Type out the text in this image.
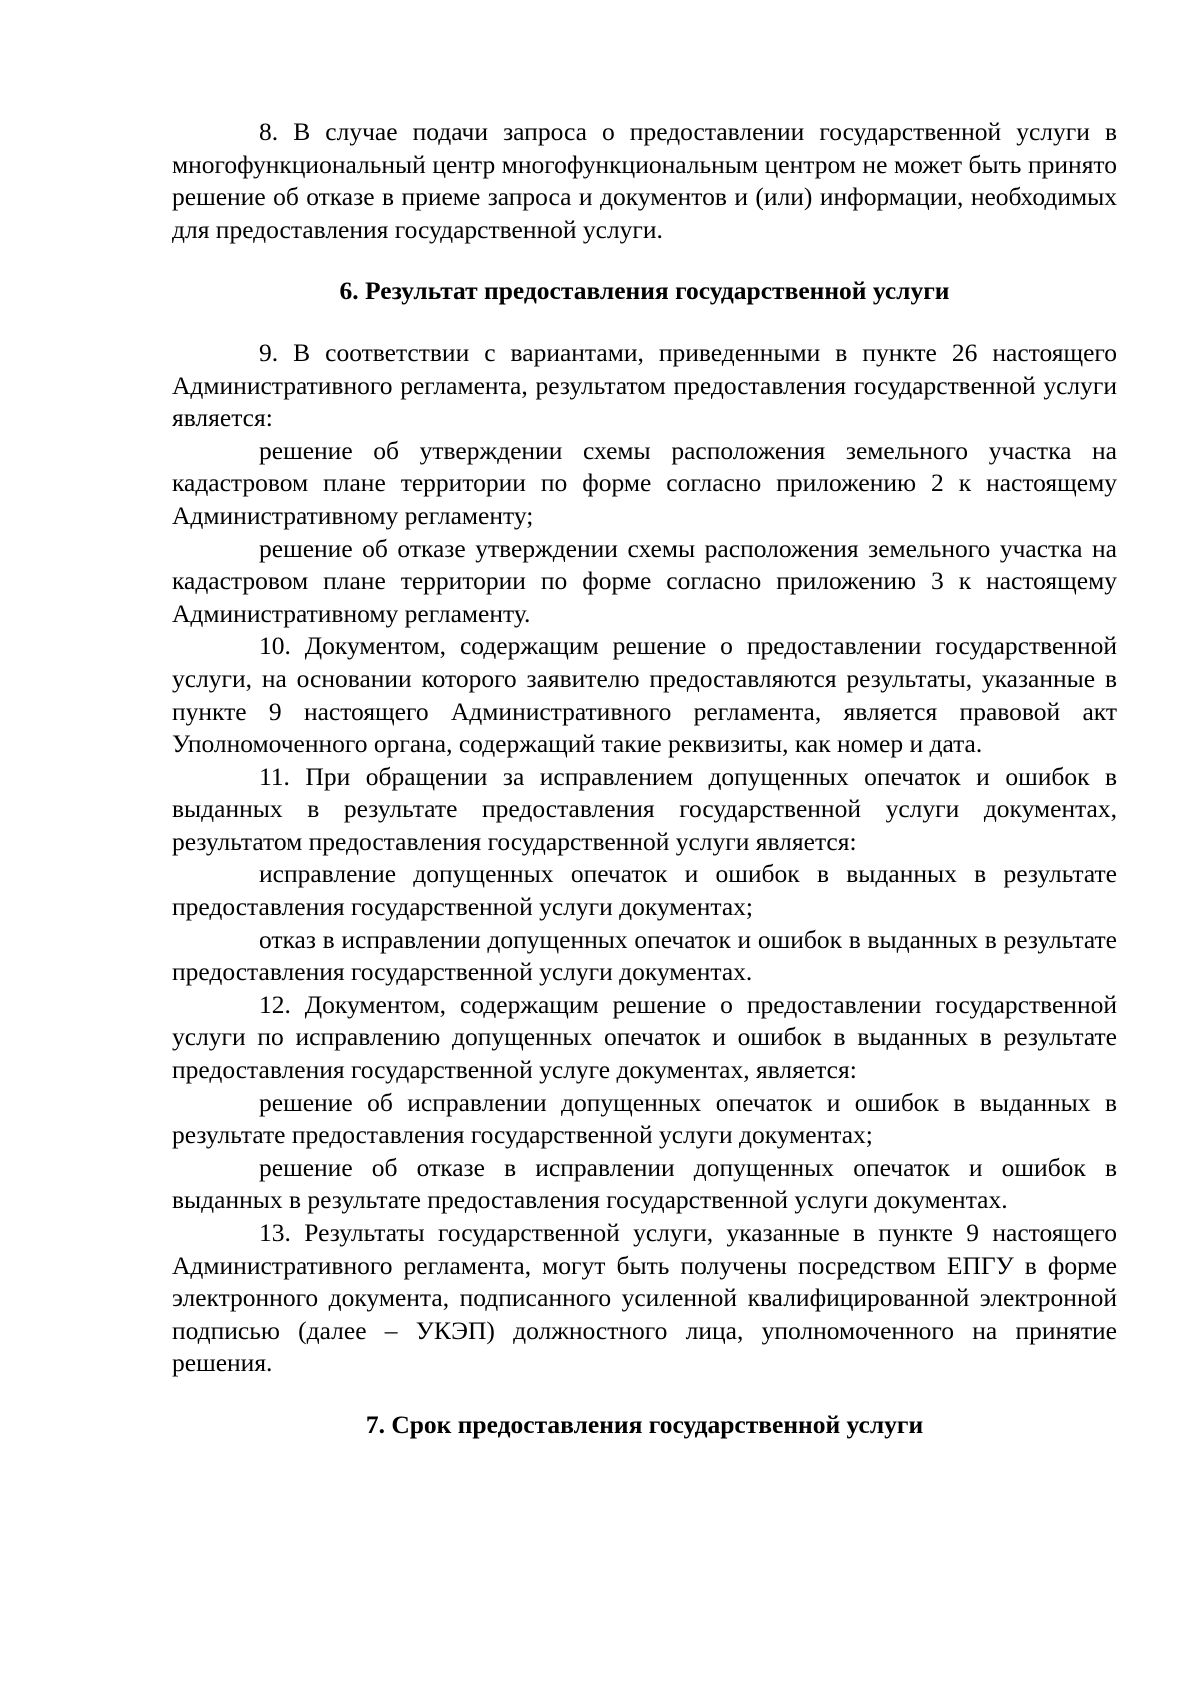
8. В случае подачи запроса о предоставлении государственной услуги в многофункциональный центр многофункциональным центром не может быть принято решение об отказе в приеме запроса и документов и (или) информации, необходимых для предоставления государственной услуги.

6. Результат предоставления государственной услуги

9. В соответствии с вариантами, приведенными в пункте 26 настоящего Административного регламента, результатом предоставления государственной услуги является:

решение об утверждении схемы расположения земельного участка на кадастровом плане территории по форме согласно приложению 2 к настоящему Административному регламенту;

решение об отказе утверждении схемы расположения земельного участка на кадастровом плане территории по форме согласно приложению 3 к настоящему Административному регламенту.

10. Документом, содержащим решение о предоставлении государственной услуги, на основании которого заявителю предоставляются результаты, указанные в пункте 9 настоящего Административного регламента, является правовой акт Уполномоченного органа, содержащий такие реквизиты, как номер и дата.

11. При обращении за исправлением допущенных опечаток и ошибок в выданных в результате предоставления государственной услуги документах, результатом предоставления государственной услуги является:

исправление допущенных опечаток и ошибок в выданных в результате предоставления государственной услуги документах;

отказ в исправлении допущенных опечаток и ошибок в выданных в результате предоставления государственной услуги документах.

12. Документом, содержащим решение о предоставлении государственной услуги по исправлению допущенных опечаток и ошибок в выданных в результате предоставления государственной услуге документах, является:

решение об исправлении допущенных опечаток и ошибок в выданных в результате предоставления государственной услуги документах;

решение об отказе в исправлении допущенных опечаток и ошибок в выданных в результате предоставления государственной услуги документах.

13. Результаты государственной услуги, указанные в пункте 9 настоящего Административного регламента, могут быть получены посредством ЕПГУ в форме электронного документа, подписанного усиленной квалифицированной электронной подписью (далее – УКЭП) должностного лица, уполномоченного на принятие решения.

7. Срок предоставления государственной услуги
